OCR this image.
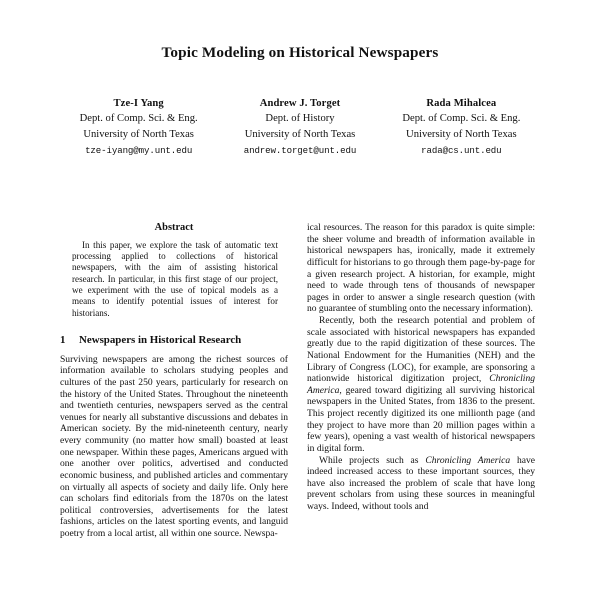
Topic Modeling on Historical Newspapers
Tze-I Yang
Dept. of Comp. Sci. & Eng.
University of North Texas
tze-iyang@my.unt.edu
Andrew J. Torget
Dept. of History
University of North Texas
andrew.torget@unt.edu
Rada Mihalcea
Dept. of Comp. Sci. & Eng.
University of North Texas
rada@cs.unt.edu
Abstract
In this paper, we explore the task of automatic text processing applied to collections of historical newspapers, with the aim of assisting historical research. In particular, in this first stage of our project, we experiment with the use of topical models as a means to identify potential issues of interest for historians.
1	Newspapers in Historical Research

Surviving newspapers are among the richest sources of information available to scholars studying peoples and cultures of the past 250 years, particularly for research on the history of the United States. Throughout the nineteenth and twentieth centuries, newspapers served as the central venues for nearly all substantive discussions and debates in American society. By the mid-nineteenth century, nearly every community (no matter how small) boasted at least one newspaper. Within these pages, Americans argued with one another over politics, advertised and conducted economic business, and published articles and commentary on virtually all aspects of society and daily life. Only here can scholars find editorials from the 1870s on the latest political controversies, advertisements for the latest fashions, articles on the latest sporting events, and languid poetry from a local artist, all within one source. Newspa-

ical resources. The reason for this paradox is quite simple: the sheer volume and breadth of information available in historical newspapers has, ironically, made it extremely difficult for historians to go through them page-by-page for a given research project. A historian, for example, might need to wade through tens of thousands of newspaper pages in order to answer a single research question (with no guarantee of stumbling onto the necessary information).

Recently, both the research potential and problem of scale associated with historical newspapers has expanded greatly due to the rapid digitization of these sources. The National Endowment for the Humanities (NEH) and the Library of Congress (LOC), for example, are sponsoring a nationwide historical digitization project, Chronicling America, geared toward digitizing all surviving historical newspapers in the United States, from 1836 to the present. This project recently digitized its one millionth page (and they project to have more than 20 million pages within a few years), opening a vast wealth of historical newspapers in digital form.

While projects such as Chronicling America have indeed increased access to these important sources, they have also increased the problem of scale that have long prevent scholars from using these sources in meaningful ways. Indeed, without tools and
